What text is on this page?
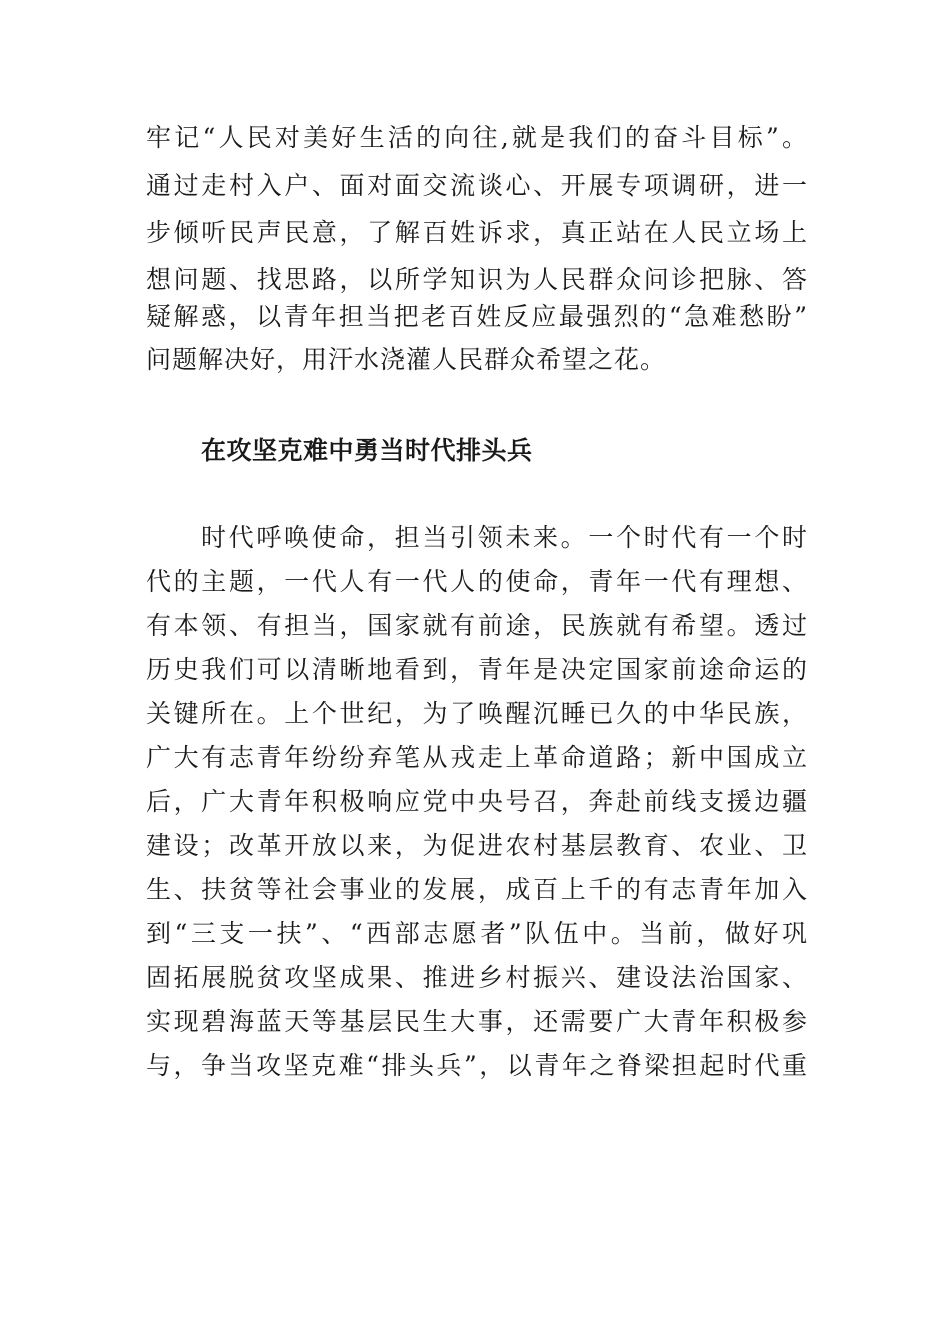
牢记“人民对美好生活的向往,就是我们的奋斗目标”。
通过走村入户、面对面交流谈心、开展专项调研，进一
步倾听民声民意，了解百姓诉求，真正站在人民立场上
想问题、找思路，以所学知识为人民群众问诊把脉、答
疑解惑，以青年担当把老百姓反应最强烈的“急难愁盼”
问题解决好，用汗水浇灌人民群众希望之花。
在攻坚克难中勇当时代排头兵
时代呼唤使命，担当引领未来。一个时代有一个时
代的主题，一代人有一代人的使命，青年一代有理想、
有本领、有担当，国家就有前途，民族就有希望。透过
历史我们可以清晰地看到，青年是决定国家前途命运的
关键所在。上个世纪，为了唤醒沉睡已久的中华民族，
广大有志青年纷纷弃笔从戎走上革命道路；新中国成立
后，广大青年积极响应党中央号召，奔赴前线支援边疆
建设；改革开放以来，为促进农村基层教育、农业、卫
生、扶贫等社会事业的发展，成百上千的有志青年加入
到“三支一扶”、“西部志愿者”队伍中。当前，做好巩
固拓展脱贫攻坚成果、推进乡村振兴、建设法治国家、
实现碧海蓝天等基层民生大事，还需要广大青年积极参
与，争当攻坚克难“排头兵”，以青年之脊梁担起时代重
